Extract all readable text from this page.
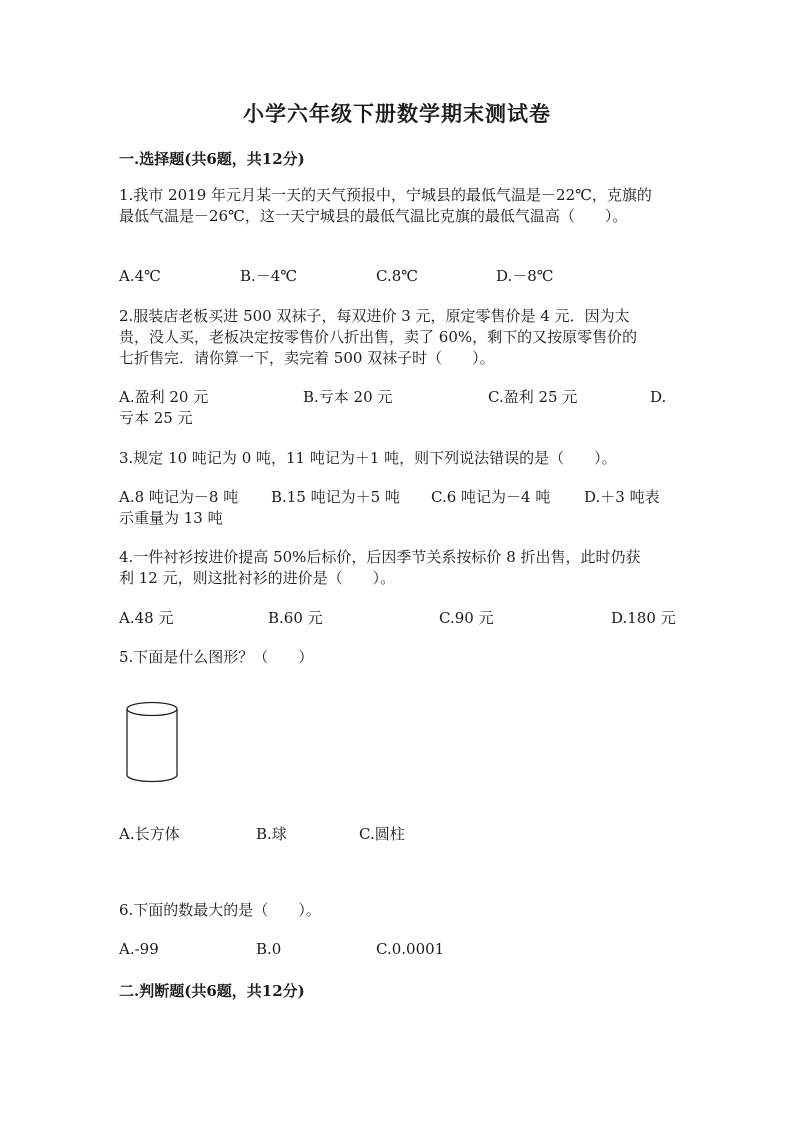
小学六年级下册数学期末测试卷
一.选择题(共6题，共12分)
1.我市 2019 年元月某一天的天气预报中，宁城县的最低气温是－22℃，克旗的
最低气温是－26℃，这一天宁城县的最低气温比克旗的最低气温高（　　）。
A.4℃	B.－4℃	C.8℃	D.－8℃
2.服装店老板买进 500 双袜子，每双进价 3 元，原定零售价是 4 元．因为太
贵，没人买，老板决定按零售价八折出售，卖了 60%，剩下的又按原零售价的
七折售完．请你算一下，卖完着 500 双袜子时（　　）。
A.盈利 20 元	B.亏本 20 元	C.盈利 25 元	D.
亏本 25 元
3.规定 10 吨记为 0 吨，11 吨记为＋1 吨，则下列说法错误的是（　　）。
A.8 吨记为－8 吨 B.15 吨记为＋5 吨 C.6 吨记为－4 吨 D.＋3 吨表
示重量为 13 吨
4.一件衬衫按进价提高 50%后标价，后因季节关系按标价 8 折出售，此时仍获
利 12 元，则这批衬衫的进价是（　　）。
A.48 元	B.60 元	C.90 元	D.180 元
5.下面是什么图形？（　　）
A.长方体	B.球	C.圆柱
6.下面的数最大的是（　　）。
A.-99	B.0	C.0.0001
二.判断题(共6题，共12分)
